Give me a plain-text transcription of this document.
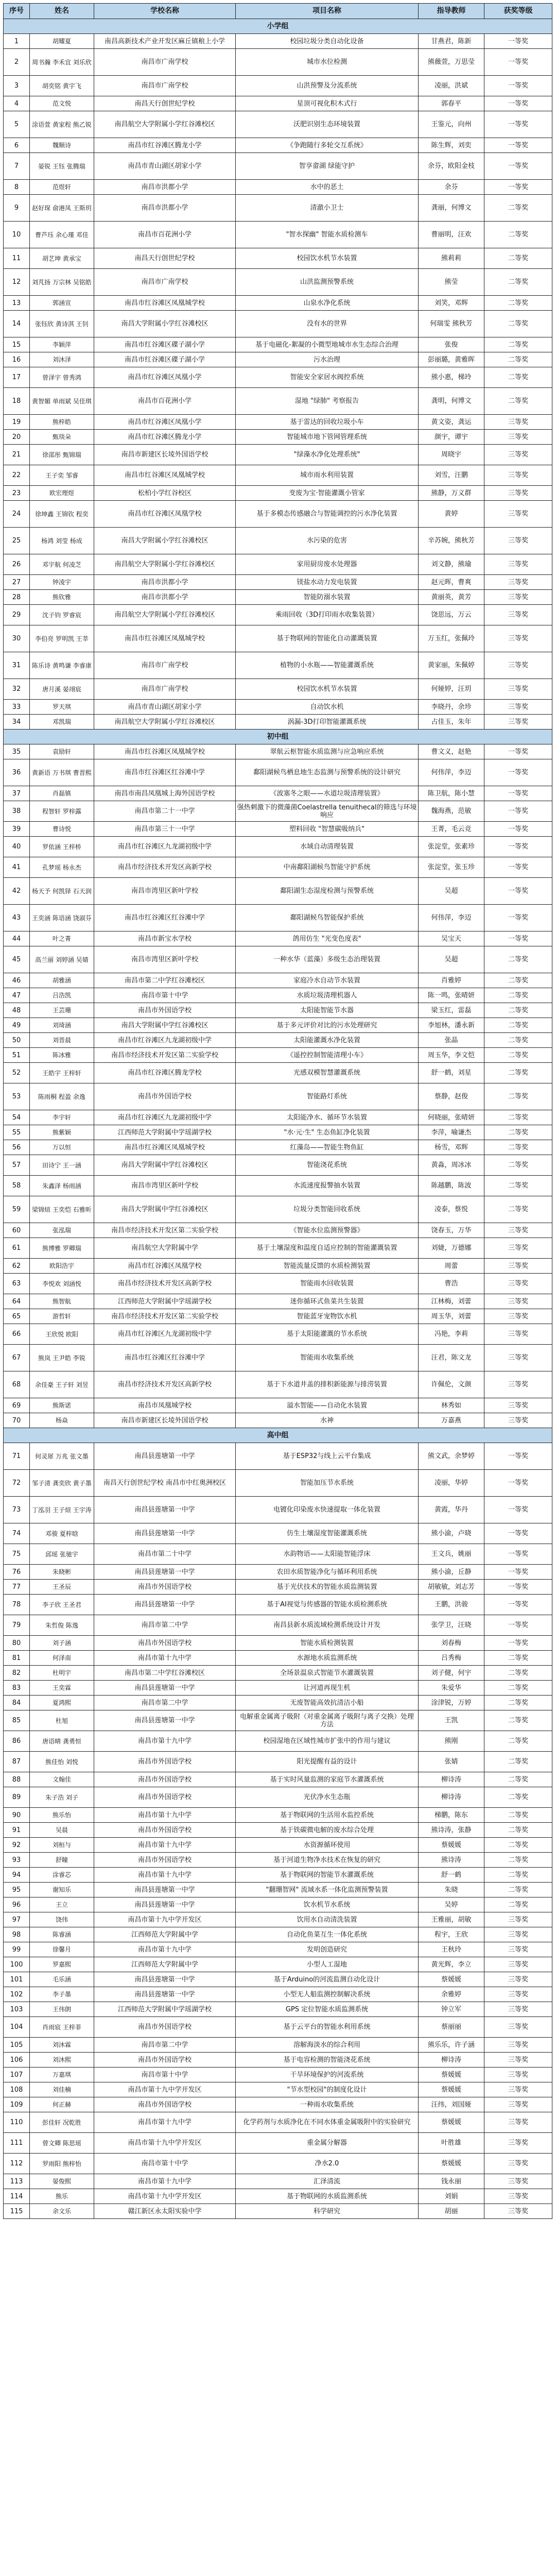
序号	姓名	学校名称	项目名称	指导教师	获奖等级
小学组					
1	胡耀夏	南昌高新技术产业开发区麻丘镇稂上小学	校园垃圾分类自动化设备	甘燕君，陈新	一等奖
2	周书瀚 李禾宜 刘乐欣	南昌市广南学校	城市水位检测	熊薇萱，万思莹	一等奖
3	胡奕铭 黄宇飞	南昌市广南学校	山洪预警及分流系统	凌丽，洪斌	一等奖
4	范文悦	南昌天行创世纪学校	星顶可视化积木式行	郭春平	一等奖
5	涂语萱 黄家程 熊乙锐	南昌航空大学附属小学红谷滩校区	沃肥识别生态环境装置	王鉴元，向州	一等奖
6	魏顺诗	南昌市红谷滩区腾龙小学	《争跑随行多轮交互系统》	陈生辉，刘奕	一等奖
7	晏锐 王钰 张腾瑞	南昌市青山湖区胡家小学	智享畲湖 绿能守护	余芬，欧阳金枝	一等奖
8	范煜轩	南昌市洪都小学	水中的恶土	余芬	一等奖
9	赵好琛 俞港凤 王斯玥	南昌市洪都小学	清澈小卫士	龚丽，何博文	二等奖
10	曹芦珏 余心瑾 邓佳	南昌市百花洲小学	"智水探幽" 智能水质检测车	曹丽明，汪欢	二等奖
11	胡艺坤 黄承宝	南昌天行创世纪学校	校园饮水机节水装置	熊莉莉	二等奖
12	刘芃扬 万宗林 吴铭皓	南昌市广南学校	山洪监测预警系统	熊莹	二等奖
13	郭涵宣	南昌市红谷滩区凤凰城学校	山泉水净化系统	刘笑，邓辉	二等奖
14	张钰欣 黄诗淇 王钊	南昌大学附属小学红谷滩校区	没有水的世界	何瑞雯 熊秋芳	二等奖
15	李颖萍	南昌市红谷滩区碟子湖小学	基于电磁化-絮凝的小微型地城市水生态综合治理	张俊	二等奖
16	刘沐泽	南昌市红谷滩区碟子湖小学	污水治理	彭丽璐，黄雅晖	二等奖
17	曾泽宇 曾秀鸿	南昌市红谷滩区凤凰小学	智能安全家居水阀控系统	熊小惠，梯玲	二等奖
18	黄智媚 单雨斌 吴佳琪	南昌市百花洲小学	湿地 "绿肺" 考察报告	龚明，何博文	二等奖
19	熊梓皓	南昌市红谷滩区凤凰小学	基于雷达的回收垃圾小车	黄文姿，龚运	三等奖
20	甄琰朵	南昌市红谷滩区腾龙小学	智能城市地下管网管理系统	颜宇，谭宇	三等奖
21	徐邵彤 甄锦瑞	南昌市新建区长堎外国语学校	"绿藻水净化处理系统"	周晓宇	三等奖
22	王子奕 邹睿	南昌市红谷滩区凤凰城学校	城市雨水利用装置	刘雪，汪鹏	三等奖
23	欧宏理煜	松柏小学红谷校区	变废为宝·智能灌溉小管家	熊静，万义群	三等奖
24	徐坤鑫 王锦钦 程奕	南昌市红谷滩区凤凰学校	基于多模态传感融合与智能调控的污水净化装置	黄婷	三等奖
25	杨鸿 刘莹 杨成	南昌大学附属小学红谷滩校区	水污染的危害	辛苏婉，熊秋芳	三等奖
26	邓宇航 何凌芝	南昌航空大学附属小学红谷滩校区	家用厨房废水处理器	刘文静，熊瑜	三等奖
27	钟凌宇	南昌市洪都小学	镁盐水动力发电装置	赵元晖，曹爽	三等奖
28	熊钦雅	南昌市洪都小学	智能防溺水装置	黄丽英，黄芳	三等奖
29	沈子钧 罗睿宸	南昌航空大学附属小学红谷滩校区	乘雨回收（3D打印雨水收集装置）	饶思远，万云	三等奖
30	李伯亮 罗明凯 王莘	南昌市红谷滩区凤凰城学校	基于物联网的智能化自动灌溉装置	万玉红，张佩玲	三等奖
31	陈乐诗 黄鸣谦 李睿康	南昌市广南学校	植物的小水瓶——智能灌溉系统	黄家丽，朱佩婷	三等奖
32	唐月溪 晏翊宸	南昌市广南学校	校园饮水机节水装置	何娅婷，汪玥	三等奖
33	罗天琪	南昌市青山湖区胡家小学	自动饮水机	李晓丹，余珍	三等奖
34	邓凯瑞	南昌航空大学附属小学红谷滩校区	涡漏-3D打印智能灌溉系统	占佳玉，朱年	三等奖
初中组					
35	袁励轩	南昌市红谷滩区凤凰城学校	翠航云枢智能水质监测与应急响应系统	曹文义，赵艳	一等奖
36	黄新语 万书琪 曹晋熙	南昌市红谷滩区红谷滩中学	鄱阳湖候鸟栖息地生态监测与预警系统的设计研究	何伟萍，李迈	一等奖
37	肖磊镇	南昌市南昌凤凰城上海外国语学校	《波塞冬之眼——水道垃圾清理装置》	陈卫航，陈小慧	一等奖
38	程智轩 罗梓露	南昌市第二十一中学	强热刺激下的微藻菌Coelastrella tenuithecal的筛选与环境响应	魏海燕，范敏	一等奖
39	曹诗悦	南昌市第三十一中学	塑料回收 "智慧碳吸纳兵"	王菁，毛云竞	一等奖
40	罗依涵 王梓桥	南昌市红谷滩区九龙湖初级中学	水域自动清理装置	张淀堂，张素珍	一等奖
41	孔梦瑶 杨永杰	南昌市经济技术开发区高新学校	中南鄱阳湖候鸟智能守护系统	张淀堂，张玉珍	一等奖
42	杨天予 何凯铎 石天润	南昌市湾里区新叶学校	鄱阳湖生态湿度检测与预警系统	吴超	一等奖
43	王奕涵 陈语涵 饶淑芬	南昌市红谷滩区红谷滩中学	鄱阳湖候鸟智能保护系统	何伟萍，李迈	一等奖
44	叶之菁	南昌市新宝水学校	鸽用仿生 "光变色度表"	吴宝天	一等奖
45	高兰丽 刘婷涵 吴婧	南昌市湾里区新叶学校	一种水华（蓝藻）多级生态治理装置	吴超	二等奖
46	胡雅涵	南昌市第二中学红谷滩校区	家庭冷水自动节水装置	肖雅婷	二等奖
47	吕浩凯	南昌市第十中学	水质垃圾清理机器人	陈一鸣，张晴妍	二等奖
48	王芸珊	南昌市外国语学校	太阳能智能节水器	梁玉红，雷磊	二等奖
49	刘琦涵	南昌大学附属中学红谷滩校区	基于多元评价对比的污水处理研究	李旭林，潘永新	二等奖
50	刘晋晨	南昌市红谷滩区九龙湖初级中学	太阳能灌溉水净化装置	张晶	二等奖
51	陈冰雅	南昌市经济技术开发区第二实验学校	《遥控控制智能清理小车》	周玉华，李文恺	二等奖
52	王皓宇 王梓轩	南昌市红谷滩区腾龙学校	光感双模智慧灌溉系统	舒一鹤，刘星	二等奖
53	陈雨桐 程盈 余逸	南昌市外国语学校	智能路灯系统	蔡静，赵俊	二等奖
54	李宇轩	南昌市红谷滩区九龙湖初级中学	太阳能净水、循环节水装置	何晓丽，张晴妍	二等奖
55	熊紫颖	江西师范大学附属中学瑶湖学校	"水·元·生" 生态鱼缸净化装置	李萍，喻谦杰	二等奖
56	万以恒	南昌市红谷滩区凤凰城学校	红藻岛——智能生物鱼缸	杨雪，邓辉	二等奖
57	田诗宁 王一涵	南昌大学附属中学红谷滩校区	智能浇花系统	黄淼，周冰冰	二等奖
58	朱鑫泽 杨雨涵	南昌市湾里区新叶学校	水流速度报警抽水装置	陈越鹏，陈波	二等奖
59	梁锦煊 王奕恺 石雅昕	南昌大学附属中学红谷滩校区	垃圾分类智能回收系统	凌泰，蔡悦	二等奖
60	张泓瑞	南昌市经济技术开发区第二实验学校	《智能水位监测预警器》	饶春玉，万华	三等奖
61	熊博雅 罗卿瑞	南昌航空大学附属中学	基于土壤湿度和温度自适应控制的智能灌溉装置	刘婕，万德娜	三等奖
62	欧阳浩宇	南昌市红谷滩区凤凰学校	智能流量反馈的水质检测装置	周蕾	三等奖
63	李悦欢 刘涵悦	南昌市经济技术开发区高新学校	智能雨水回收装置	曹浩	三等奖
64	熊智航	江西师范大学附属中学瑶湖学校	迷你循环式鱼菜共生装置	江林梅，刘蕾	三等奖
65	游哲轩	南昌市经济技术开发区第二实验学校	智能蓝牙宠物饮水机	周玉华，刘蕾	三等奖
66	王欣悦 欧阳	南昌市红谷滩区九龙湖初级中学	基于太阳能灌溉的节水系统	冯艳，李莉	三等奖
67	熊岚 王尹皓 李锐	南昌市红谷滩区红谷滩中学	智能雨水收集系统	汪君，陈文龙	三等奖
68	余佳豪 王子轩 刘昱	南昌市经济技术开发区高新学校	基于下水道井盖的排积新能源与排涝装置	许佩伦，文颜	三等奖
69	熊斯诺	南昌市凤凰城学校	溢水智能——自动化水装置	林秀如	三等奖
70	杨焱	南昌市新建区长堎外国语学校	水神	万嘉燕	三等奖
高中组					
71	何灵犀 万兆 张文墨	南昌县莲塘第一中学	基于ESP32与线上云平台集成	熊文武，余梦婷	一等奖
72	邹子清 龚奕欣 黄子墨	南昌天行创世纪学校 南昌市中红奥洲校区	智能加压节水系统	凌丽，华婷	一等奖
73	丁泓羽 王子煊 王宇涛	南昌县莲塘第一中学	电镀化印染废水快速提取一体化装置	黄霞，华丹	一等奖
74	邓骏 夏梓晗	南昌县莲塘第一中学	仿生土壤湿度智能灌溉系统	熊小渝，卢晓	一等奖
75	邱瑶 张驰宇	南昌市第二十中学	水韵物语——太阳能智能浮床	王文兵，姚丽	一等奖
76	朱晓彬	南昌县莲塘第一中学	农田水质智能净化与循环利用系统	熊小渝，丘静	一等奖
77	王圣辰	南昌市外国语学校	基于光伏技术的智能水质监测装置	胡敏敏，刘志芳	一等奖
78	李子欣 王圣君	南昌县莲塘第一中学	基于AI视觉与传感器的智能水质检测系统	王鹏，洪骏	一等奖
79	朱哲俊 陈逸	南昌市第二中学	南昌县新水质流域检测系统设计开发	张学卫，汪晓	一等奖
80	刘子涵	南昌市外国语学校	智能水质检测装置	刘春梅	一等奖
81	何泽南	南昌市第十九中学	水源地水质监测系统	吕秀梅	二等奖
82	杜明宇	南昌市第二中学红谷滩校区	全场景温泉式智能节水灌溉装置	刘子健，何宇	二等奖
83	王奕霖	南昌县莲塘第一中学	让河道再现生机	朱爱华	二等奖
84	夏鸿熙	南昌市第二中学	无废智能高效抗清洁小船	涂津锐，万婷	二等奖
85	杜旭	南昌县莲塘第一中学	电解重金属离子吸附（对重金属离子吸附与离子交换）处理方法	王凯	二等奖
86	唐语晴 龚勇恒	南昌市第十九中学	校园湿地在区域性城市扩张中的作用与建议	熊刚	二等奖
87	熊佳怡 刘悦	南昌市外国语学校	阳光提醒有益的设计	张婧	二等奖
88	文翰佳	南昌市外国语学校	基于实时风量监测的家庭节水灌溉系统	柳诗涛	二等奖
89	朱子浩 刘子	南昌市外国语学校	光伏净水生态瓶	柳诗涛	二等奖
90	熊乐怡	南昌市第十九中学	基于物联网的生活用水监控系统	梯鹏，陈东	二等奖
91	吴晨	南昌市外国语学校	基于铁碳微电解的废水综合处理	熊诗涛，张静	二等奖
92	刘桓与	南昌市第十九中学	水资源循环使用	蔡媛媛	二等奖
93	舒瞳	南昌市外国语学校	基于河道生物净水技术在恢复的研究	熊诗涛	二等奖
94	涂睿芯	南昌市第十九中学	基于物联网的智能节水灌溉系统	舒一鹤	二等奖
95	谢知乐	南昌县莲塘第一中学	"翻珊智网" 流域水系一体化监测预警装置	朱晓	二等奖
96	王立	南昌县莲塘第一中学	饮水机节水系统	吴婷	二等奖
97	饶伟	南昌市第十九中学开发区	饮用水自动清洗装置	王雅丽，胡敏	三等奖
98	陈睿涵	江西师范大学附属中学	自动化鱼菜互生一体化系统	程宇，王欣	三等奖
99	徐馨月	南昌市第十九中学	发明创造研究	王秋玲	三等奖
100	罗嘉熙	江西师范大学附属中学	小型人工湿地	黄光辉，李立	三等奖
101	毛乐涵	南昌县莲塘第一中学	基于Arduino的河流监测自动化设计	蔡媛媛	三等奖
102	李子墨	南昌县莲塘第一中学	小型无人船监测控制解决系统	余雅婷	三等奖
103	王伟朗	江西师范大学附属中学瑶湖学校	GPS 定位智能水质监测系统	钟立军	三等奖
104	肖雨宸 王梓菲	南昌市外国语学校	基于云平台的智能水利用系统	蔡丽丽	三等奖
105	刘沐霖	南昌市第二中学	溶解海淡水的综合利用	熊乐乐，许子涵	三等奖
106	刘沐熙	南昌市外国语学校	基于电容检测的智能浇花系统	柳诗涛	三等奖
107	万嘉琪	南昌市第十中学	干旱环境保护的河流系统	蔡媛媛	三等奖
108	刘佳楠	南昌市第十九中学开发区	"节水型校园"的制度化设计	蔡媛媛	三等奖
109	何正赫	南昌市外国语学校	一种雨水收集系统	汪纬，刘国娅	三等奖
110	彭佳轩 况乾胜	南昌市第十九中学	化学药剂与水质净化在不同水体重金属吸附中的实验研究	蔡媛媛	三等奖
111	曾文卿 陈思瑶	南昌市第十九中学开发区	重金属分解器	叶胜雄	三等奖
112	罗雨阳 熊梓怡	南昌市第十中学	净水2.0	蔡媛媛	三等奖
113	晏俊熙	南昌市第十九中学	汇泽清流	钱永丽	三等奖
114	熊乐	南昌市第十九中学开发区	基于物联网的水质监测系统	刘娟	三等奖
115	余文乐	赣江新区永太阳实验中学	科学研究	胡丽	三等奖
